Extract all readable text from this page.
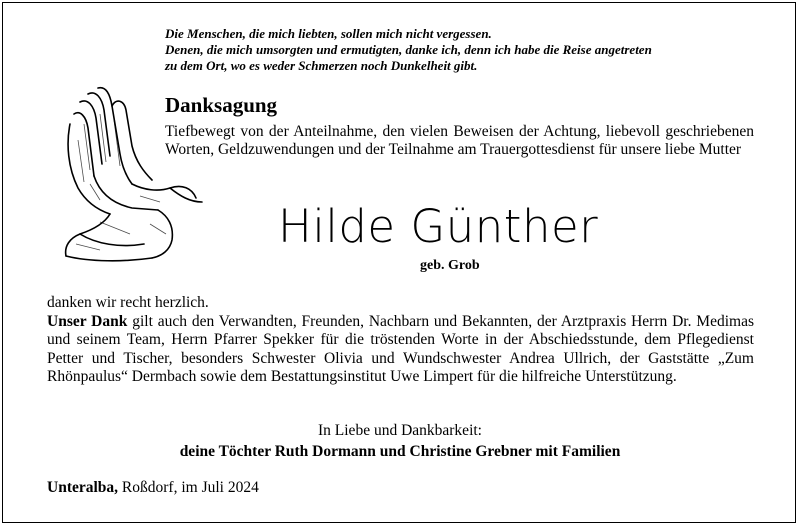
Die Menschen, die mich liebten, sollen mich nicht vergessen.
Denen, die mich umsorgten und ermutigten, danke ich, denn ich habe die Reise angetreten
zu dem Ort, wo es weder Schmerzen noch Dunkelheit gibt.
Danksagung
Tiefbewegt von der Anteilnahme, den vielen Beweisen der Achtung, liebevoll geschriebenen Worten, Geldzuwendungen und der Teilnahme am Trauergottesdienst für unsere liebe Mutter
Hilde Günther
geb. Grob
danken wir recht herzlich.
Unser Dank gilt auch den Verwandten, Freunden, Nachbarn und Bekannten, der Arztpraxis Herrn Dr. Medimas und seinem Team, Herrn Pfarrer Spekker für die tröstenden Worte in der Abschiedsstunde, dem Pflegedienst Petter und Tischer, besonders Schwester Olivia und Wundschwester Andrea Ullrich, der Gaststätte „Zum Rhönpaulus“ Dermbach sowie dem Bestattungsinstitut Uwe Limpert für die hilfreiche Unterstützung.
In Liebe und Dankbarkeit:
deine Töchter Ruth Dormann und Christine Grebner mit Familien
Unteralba, Roßdorf, im Juli 2024
